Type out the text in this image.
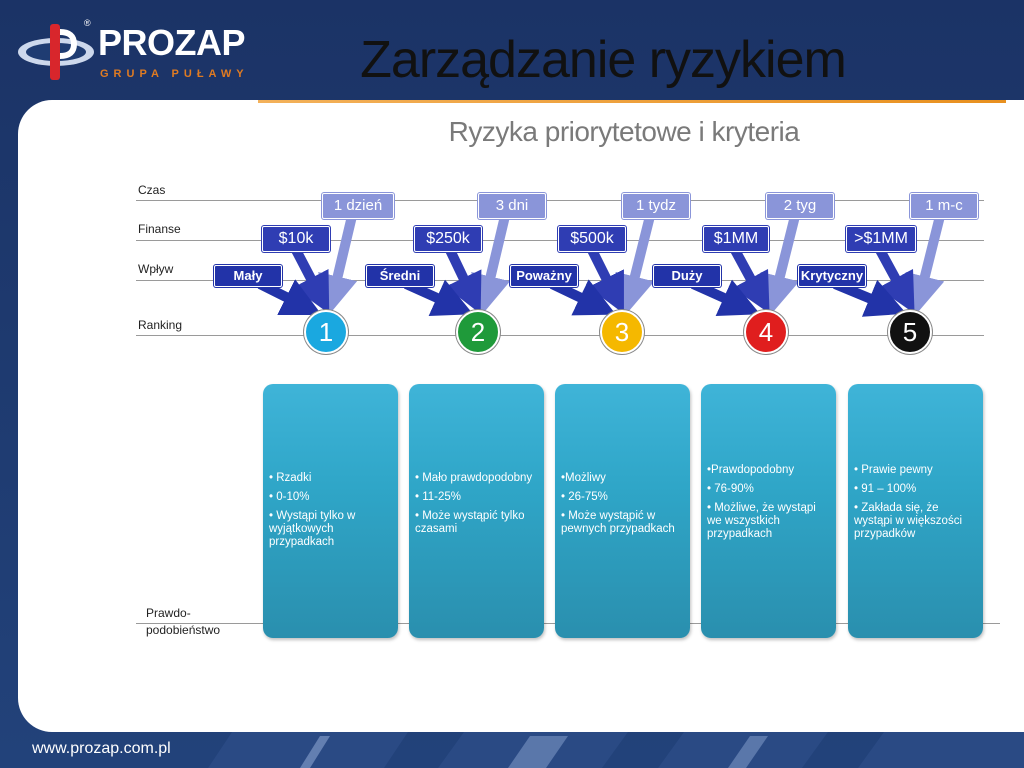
® PROZAP
GRUPA PUŁAWY	Zarządzanie ryzykiem
Ryzyka priorytetowe i kryteria
Czas
Finanse
Wpływ
Ranking
1 dzień	3 dni	1 tydz	2 tyg	1 m-c
$10k	$250k	$500k	$1MM	>$1MM
Mały	Średni	Poważny	Duży	Krytyczny
1	2	3	4	5
Prawdo-
podobieństwo

• Rzadki

• 0-10%

• Wystąpi tylko w wyjątkowych przypadkach

• Mało prawdopodobny

• 11-25%

• Może wystąpić tylko czasami

•Możliwy

• 26-75%

• Może wystąpić w pewnych przypadkach

•Prawdopodobny

• 76-90%

• Możliwe, że wystąpi we wszystkich przypadkach

• Prawie pewny

• 91 – 100%

• Zakłada się, że wystąpi w większości przypadków

www.prozap.com.pl
